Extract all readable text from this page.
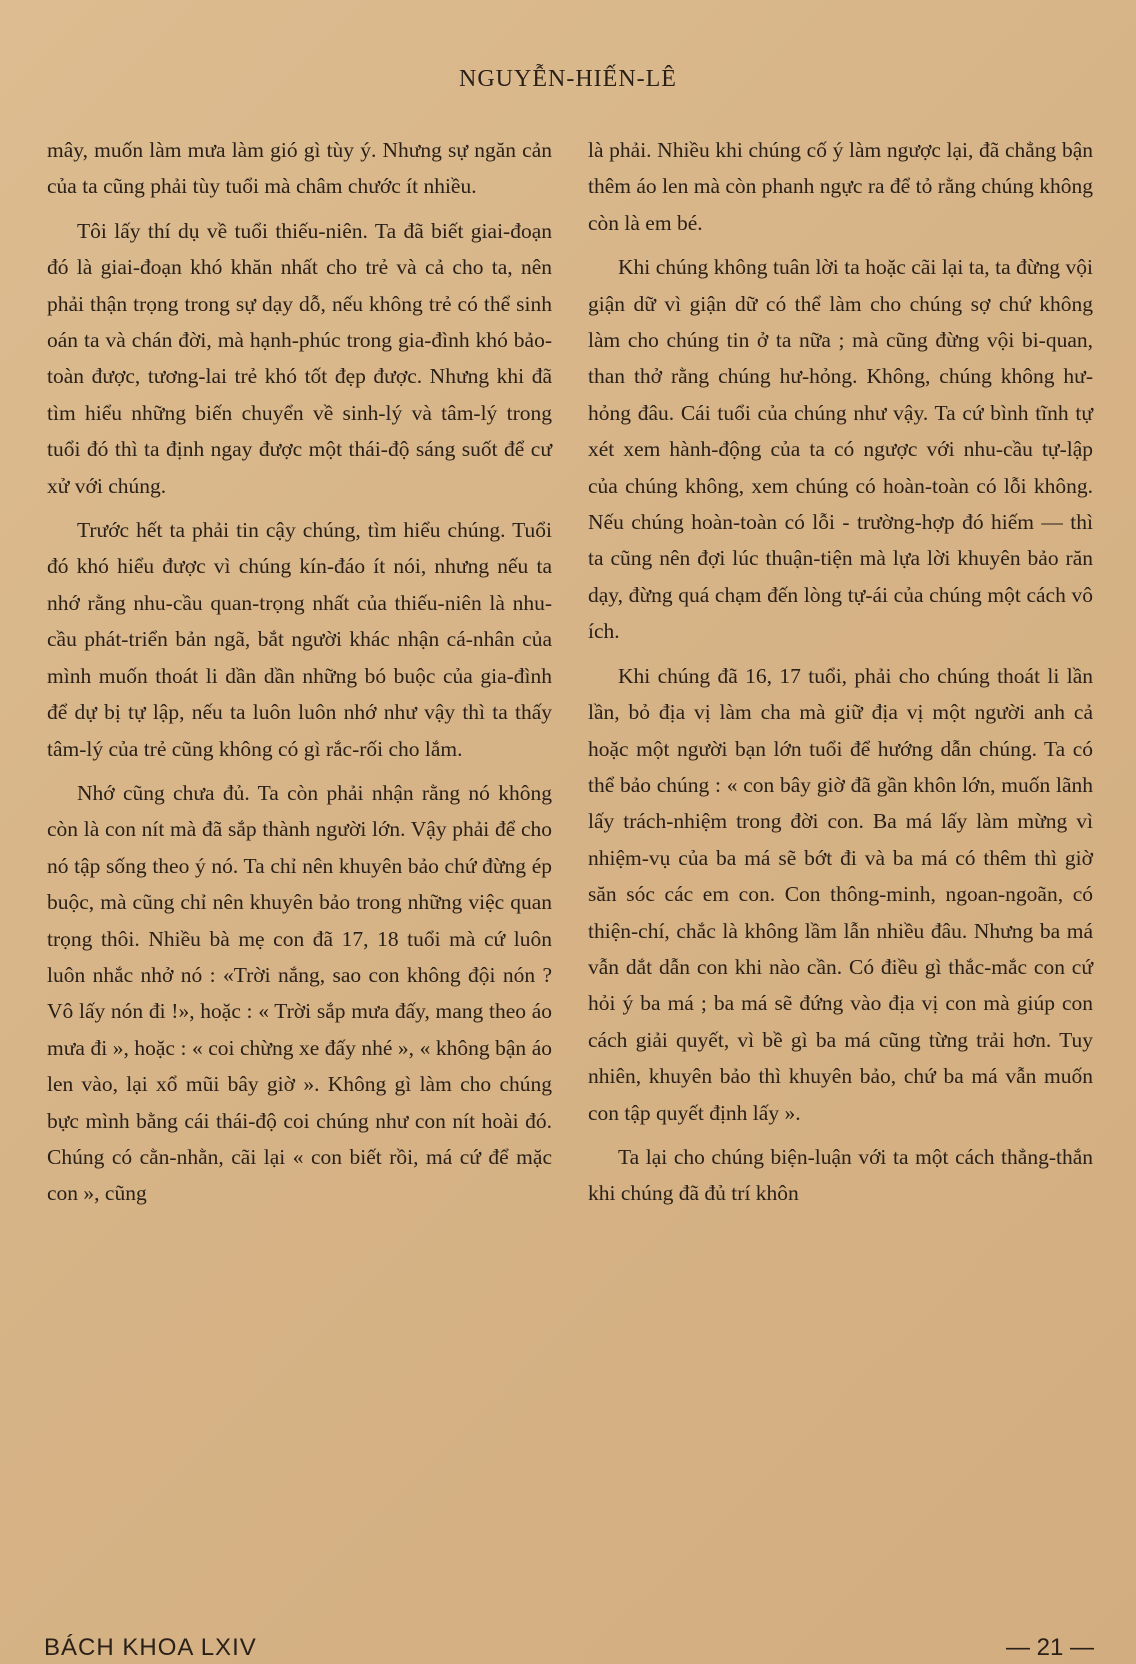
NGUYỄN-HIẾN-LÊ

mây, muốn làm mưa làm gió gì tùy ý. Nhưng sự ngăn cản của ta cũng phải tùy tuổi mà châm chước ít nhiều.

Tôi lấy thí dụ về tuổi thiếu-niên. Ta đã biết giai-đoạn đó là giai-đoạn khó khăn nhất cho trẻ và cả cho ta, nên phải thận trọng trong sự dạy dỗ, nếu không trẻ có thể sinh oán ta và chán đời, mà hạnh-phúc trong gia-đình khó bảo-toàn được, tương-lai trẻ khó tốt đẹp được. Nhưng khi đã tìm hiểu những biến chuyển về sinh-lý và tâm-lý trong tuổi đó thì ta định ngay được một thái-độ sáng suốt để cư xử với chúng.

Trước hết ta phải tin cậy chúng, tìm hiểu chúng. Tuổi đó khó hiểu được vì chúng kín-đáo ít nói, nhưng nếu ta nhớ rằng nhu-cầu quan-trọng nhất của thiếu-niên là nhu-cầu phát-triển bản ngã, bắt người khác nhận cá-nhân của mình muốn thoát li dần dần những bó buộc của gia-đình để dự bị tự lập, nếu ta luôn luôn nhớ như vậy thì ta thấy tâm-lý của trẻ cũng không có gì rắc-rối cho lắm.

Nhớ cũng chưa đủ. Ta còn phải nhận rằng nó không còn là con nít mà đã sắp thành người lớn. Vậy phải để cho nó tập sống theo ý nó. Ta chỉ nên khuyên bảo chứ đừng ép buộc, mà cũng chỉ nên khuyên bảo trong những việc quan trọng thôi. Nhiều bà mẹ con đã 17, 18 tuổi mà cứ luôn luôn nhắc nhở nó : «Trời nắng, sao con không đội nón ? Vô lấy nón đi !», hoặc : « Trời sắp mưa đấy, mang theo áo mưa đi », hoặc : « coi chừng xe đấy nhé », « không bận áo len vào, lại xổ mũi bây giờ ». Không gì làm cho chúng bực mình bằng cái thái-độ coi chúng như con nít hoài đó. Chúng có cằn-nhằn, cãi lại « con biết rồi, má cứ để mặc con », cũng

là phải. Nhiều khi chúng cố ý làm ngược lại, đã chẳng bận thêm áo len mà còn phanh ngực ra để tỏ rằng chúng không còn là em bé.

Khi chúng không tuân lời ta hoặc cãi lại ta, ta đừng vội giận dữ vì giận dữ có thể làm cho chúng sợ chứ không làm cho chúng tin ở ta nữa ; mà cũng đừng vội bi-quan, than thở rằng chúng hư-hỏng. Không, chúng không hư-hỏng đâu. Cái tuổi của chúng như vậy. Ta cứ bình tĩnh tự xét xem hành-động của ta có ngược với nhu-cầu tự-lập của chúng không, xem chúng có hoàn-toàn có lỗi không. Nếu chúng hoàn-toàn có lỗi - trường-hợp đó hiếm — thì ta cũng nên đợi lúc thuận-tiện mà lựa lời khuyên bảo răn dạy, đừng quá chạm đến lòng tự-ái của chúng một cách vô ích.

Khi chúng đã 16, 17 tuổi, phải cho chúng thoát li lần lần, bỏ địa vị làm cha mà giữ địa vị một người anh cả hoặc một người bạn lớn tuổi để hướng dẫn chúng. Ta có thể bảo chúng : « con bây giờ đã gần khôn lớn, muốn lãnh lấy trách-nhiệm trong đời con. Ba má lấy làm mừng vì nhiệm-vụ của ba má sẽ bớt đi và ba má có thêm thì giờ săn sóc các em con. Con thông-minh, ngoan-ngoãn, có thiện-chí, chắc là không lầm lẫn nhiều đâu. Nhưng ba má vẫn dắt dẫn con khi nào cần. Có điều gì thắc-mắc con cứ hỏi ý ba má ; ba má sẽ đứng vào địa vị con mà giúp con cách giải quyết, vì bề gì ba má cũng từng trải hơn. Tuy nhiên, khuyên bảo thì khuyên bảo, chứ ba má vẫn muốn con tập quyết định lấy ».

Ta lại cho chúng biện-luận với ta một cách thẳng-thắn khi chúng đã đủ trí khôn

BÁCH KHOA LXIV	— 21 —
